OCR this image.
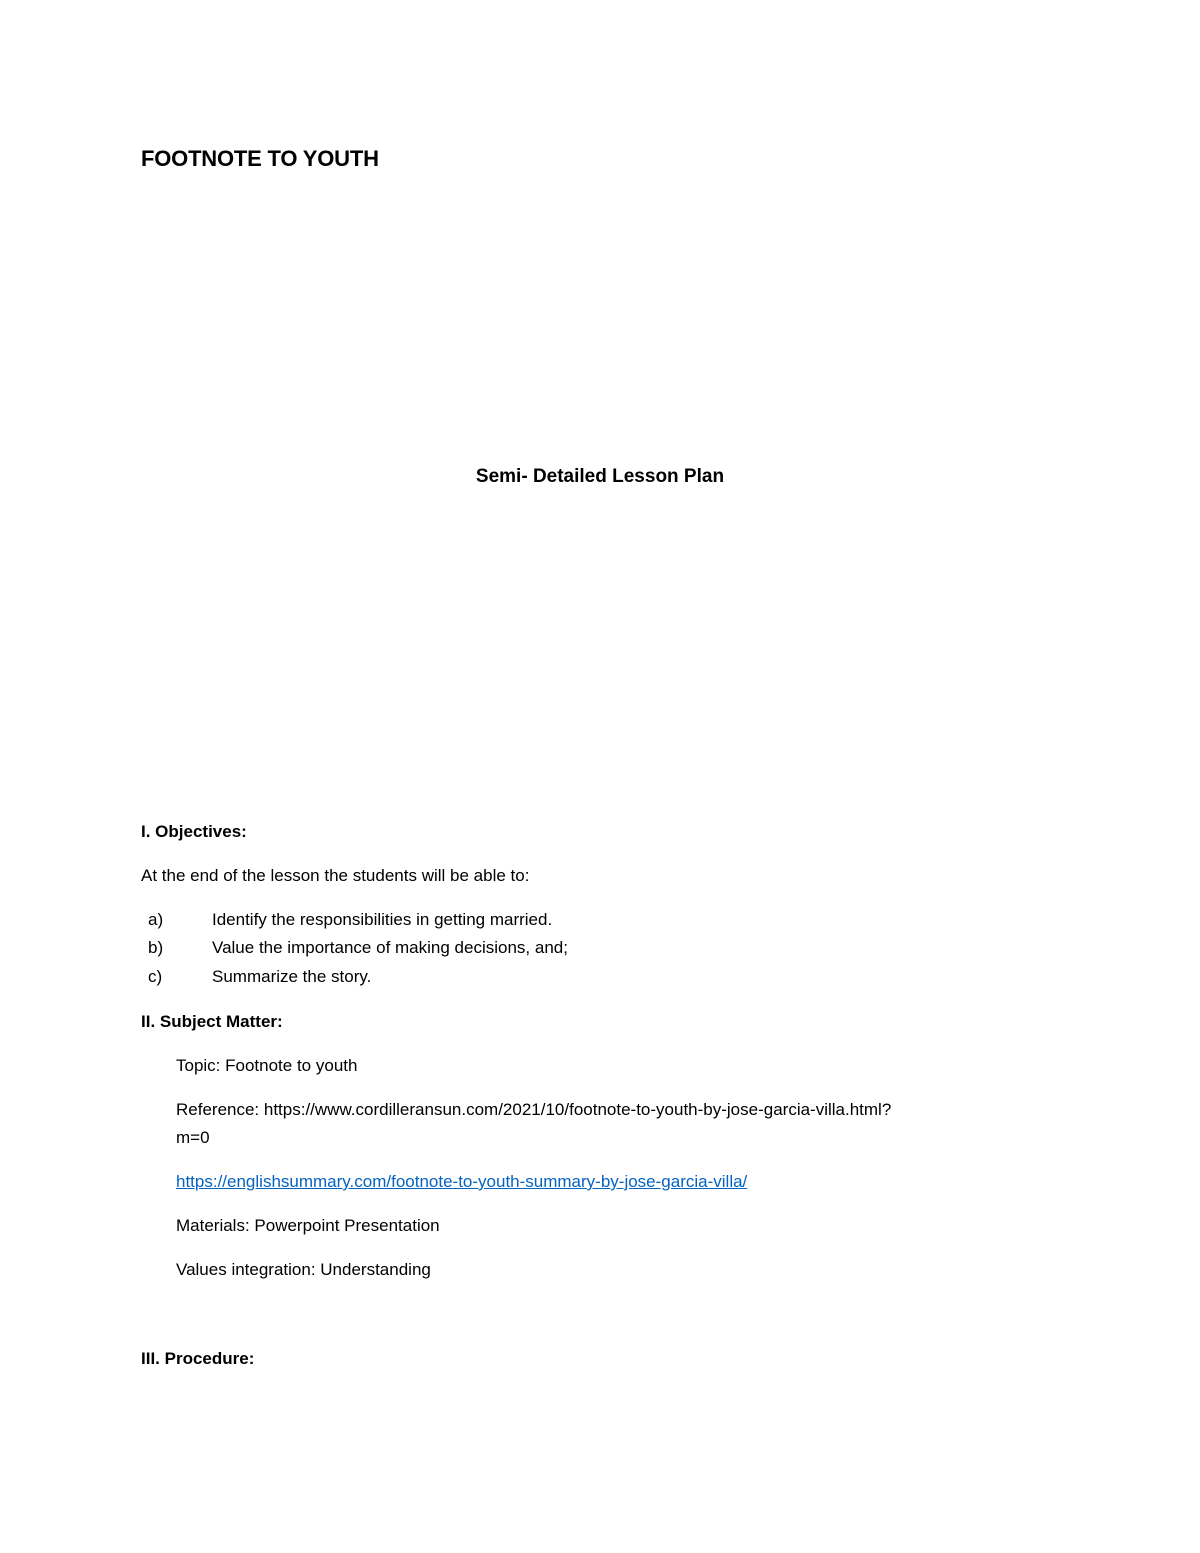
FOOTNOTE TO YOUTH
Semi- Detailed Lesson Plan
I. Objectives:
At the end of the lesson the students will be able to:
a)	Identify the responsibilities in getting married.
b)	Value the importance of making decisions, and;
c)	Summarize the story.
II. Subject Matter:
Topic: Footnote to youth
Reference: https://www.cordilleransun.com/2021/10/footnote-to-youth-by-jose-garcia-villa.html?
m=0
https://englishsummary.com/footnote-to-youth-summary-by-jose-garcia-villa/
Materials: Powerpoint Presentation
Values integration: Understanding
III. Procedure:
